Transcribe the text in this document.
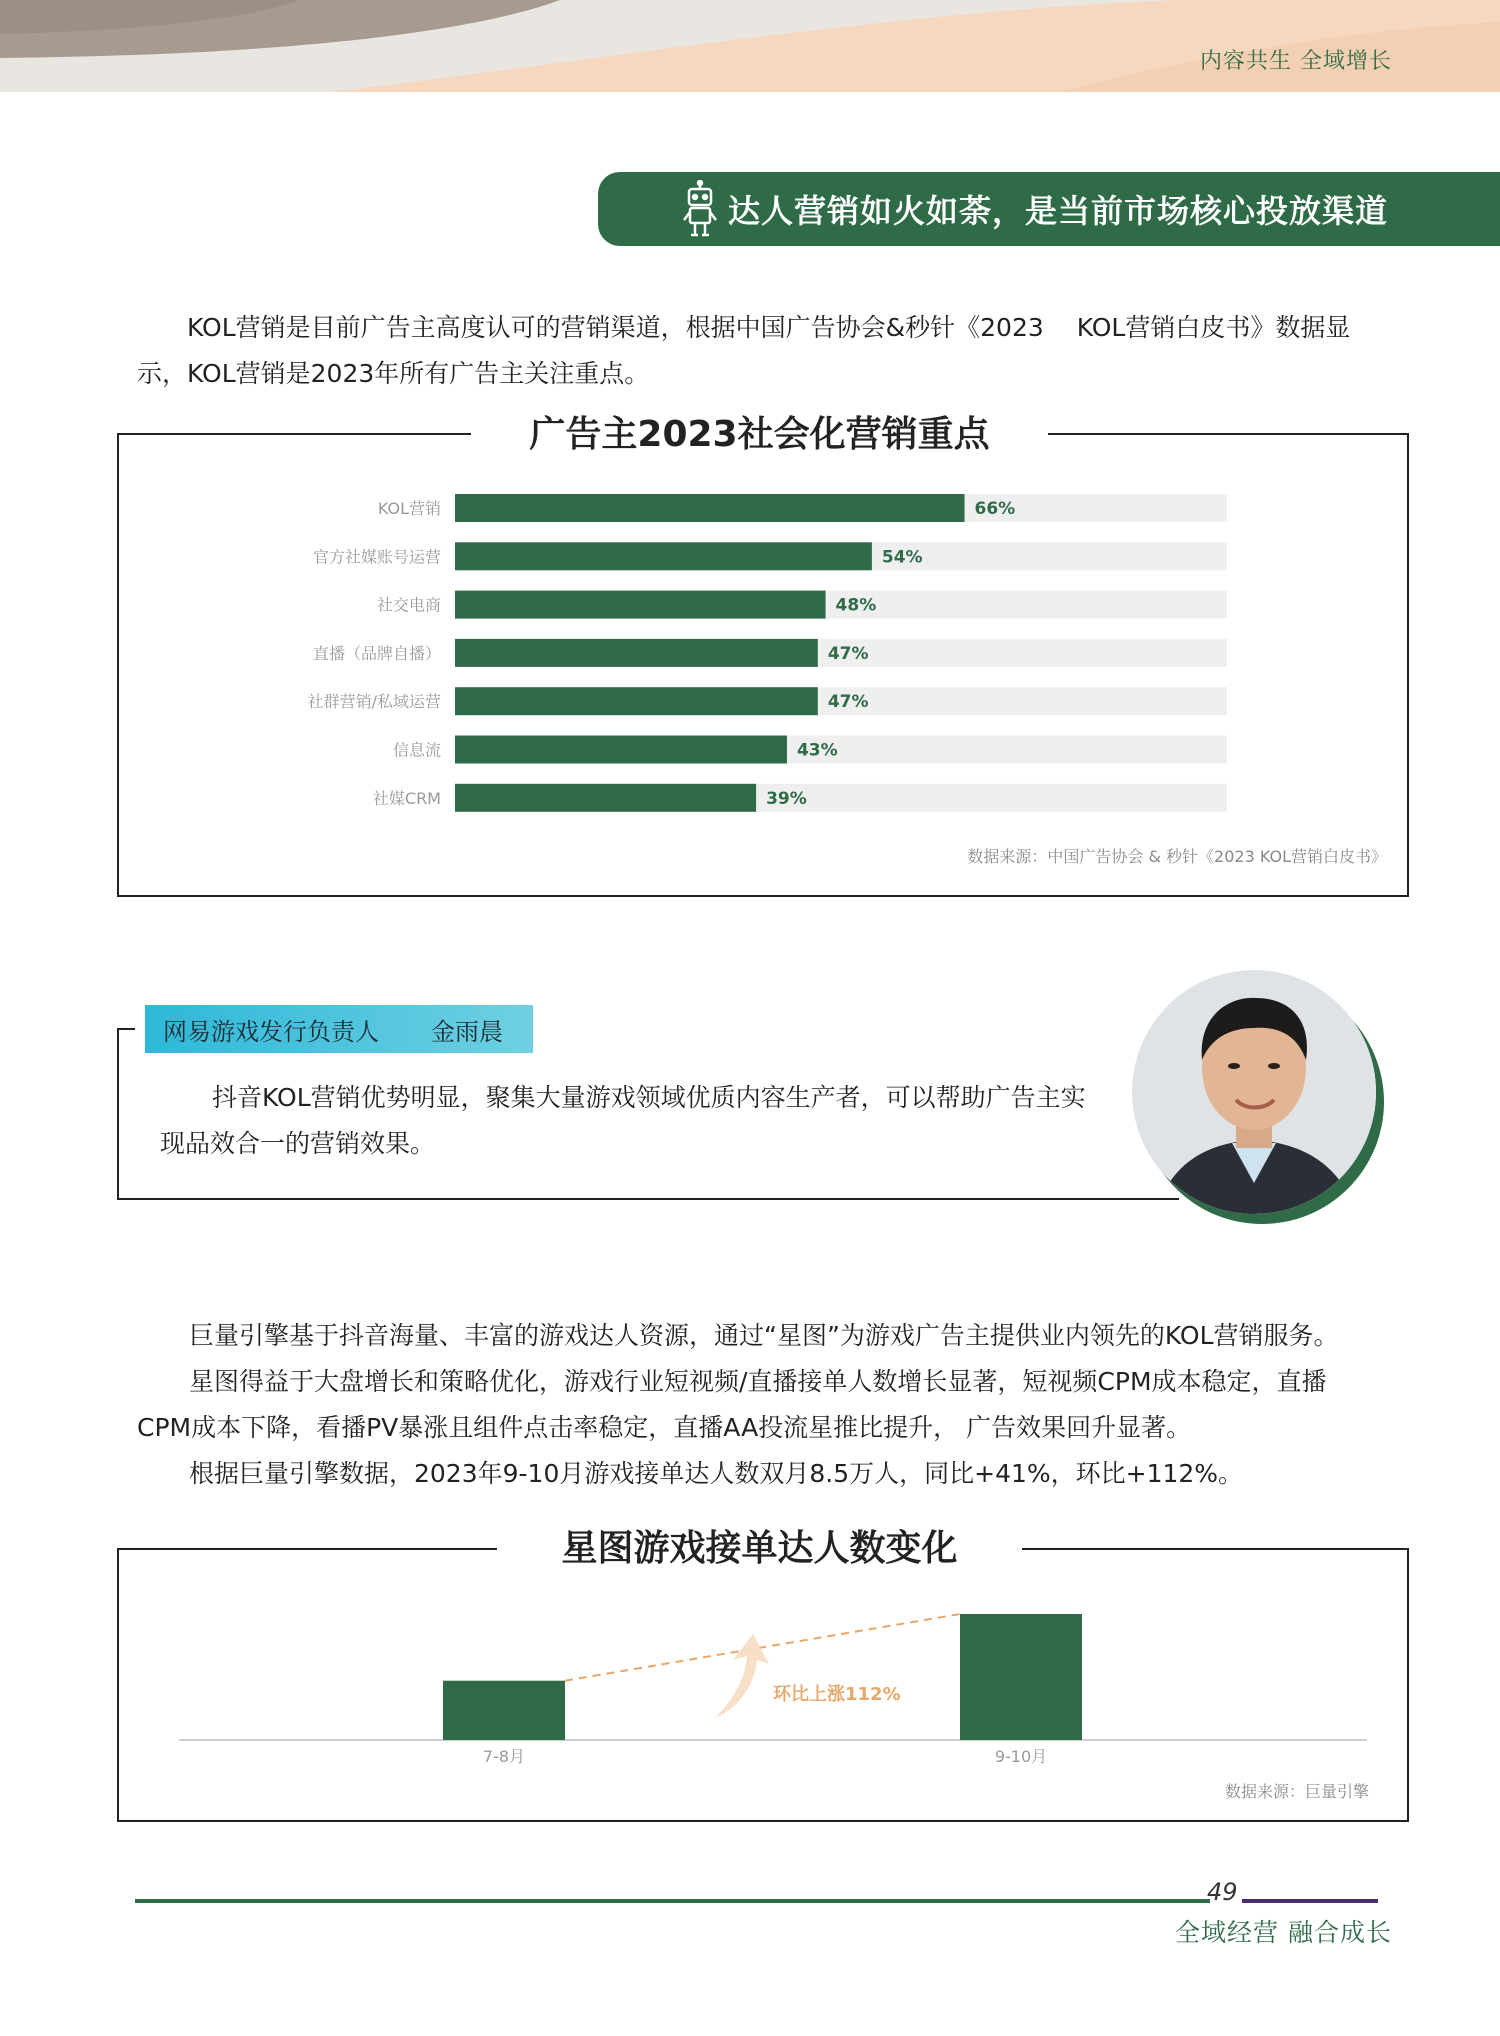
内容共生 全域增长
达人营销如火如荼，是当前市场核心投放渠道
KOL营销是目前广告主高度认可的营销渠道，根据中国广告协会&秒针《2023　 KOL营销白皮书》数据显
示，KOL营销是2023年所有广告主关注重点。
广告主2023社会化营销重点
KOL营销	66%
官方社媒账号运营	54%
社交电商	48%
直播（品牌自播）	47%
社群营销/私域运营	47%
信息流	43%
社媒CRM	39%
数据来源：中国广告协会 & 秒针《2023 KOL营销白皮书》
网易游戏发行负责人 金雨晨
抖音KOL营销优势明显，聚集大量游戏领域优质内容生产者，可以帮助广告主实
现品效合一的营销效果。

巨量引擎基于抖音海量、丰富的游戏达人资源，通过“星图”为游戏广告主提供业内领先的KOL营销服务。

星图得益于大盘增长和策略优化，游戏行业短视频/直播接单人数增长显著，短视频CPM成本稳定，直播

CPM成本下降，看播PV暴涨且组件点击率稳定，直播AA投流星推比提升， 广告效果回升显著。

根据巨量引擎数据，2023年9-10月游戏接单达人数双月8.5万人，同比+41%，环比+112%。

星图游戏接单达人数变化
7-8月	9-10月
环比上涨112%
数据来源：巨量引擎
49
全域经营 融合成长
